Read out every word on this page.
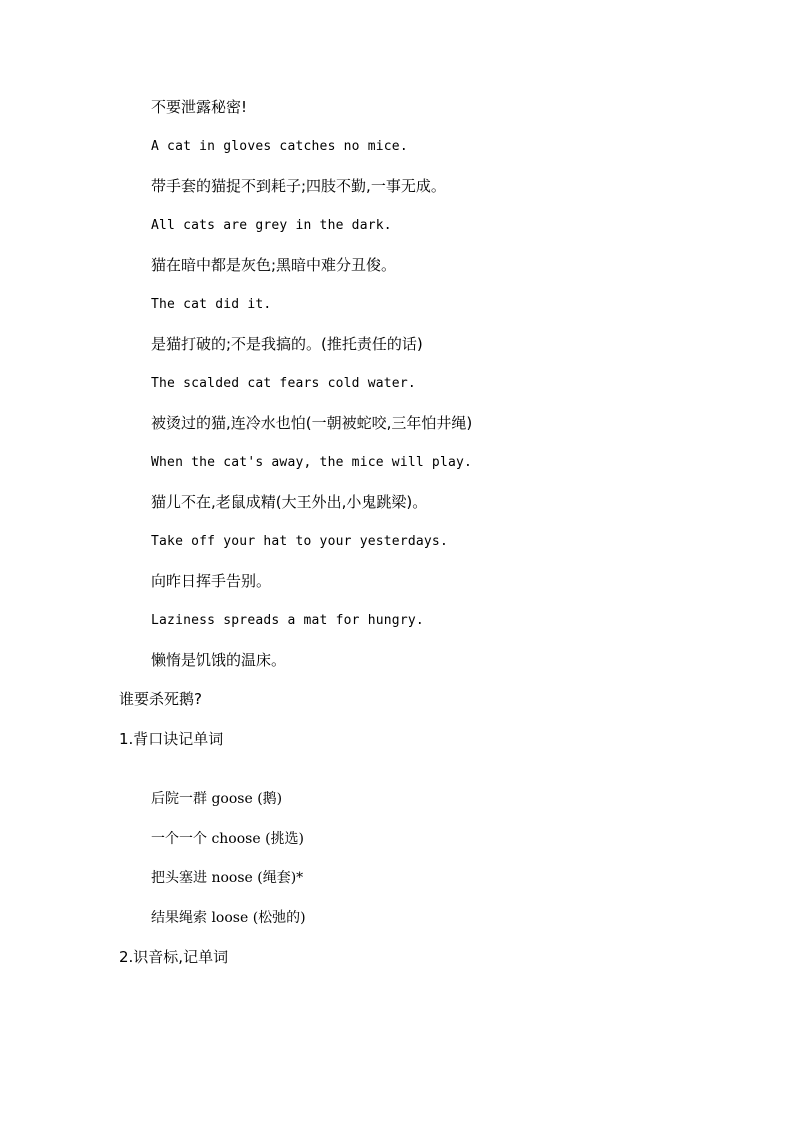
不要泄露秘密!
A cat in gloves catches no mice.
带手套的猫捉不到耗子;四肢不勤,一事无成。
All cats are grey in the dark.
猫在暗中都是灰色;黑暗中难分丑俊。
The cat did it.
是猫打破的;不是我搞的。(推托责任的话)
The scalded cat fears cold water.
被烫过的猫,连冷水也怕(一朝被蛇咬,三年怕井绳)
When the cat's away, the mice will play.
猫儿不在,老鼠成精(大王外出,小鬼跳梁)。
Take off your hat to your yesterdays.
向昨日挥手告别。
Laziness spreads a mat for hungry.
懒惰是饥饿的温床。
谁要杀死鹅?
1.背口诀记单词
后院一群 goose (鹅)
一个一个 choose (挑选)
把头塞进 noose (绳套)*
结果绳索 loose (松弛的)
2.识音标,记单词
